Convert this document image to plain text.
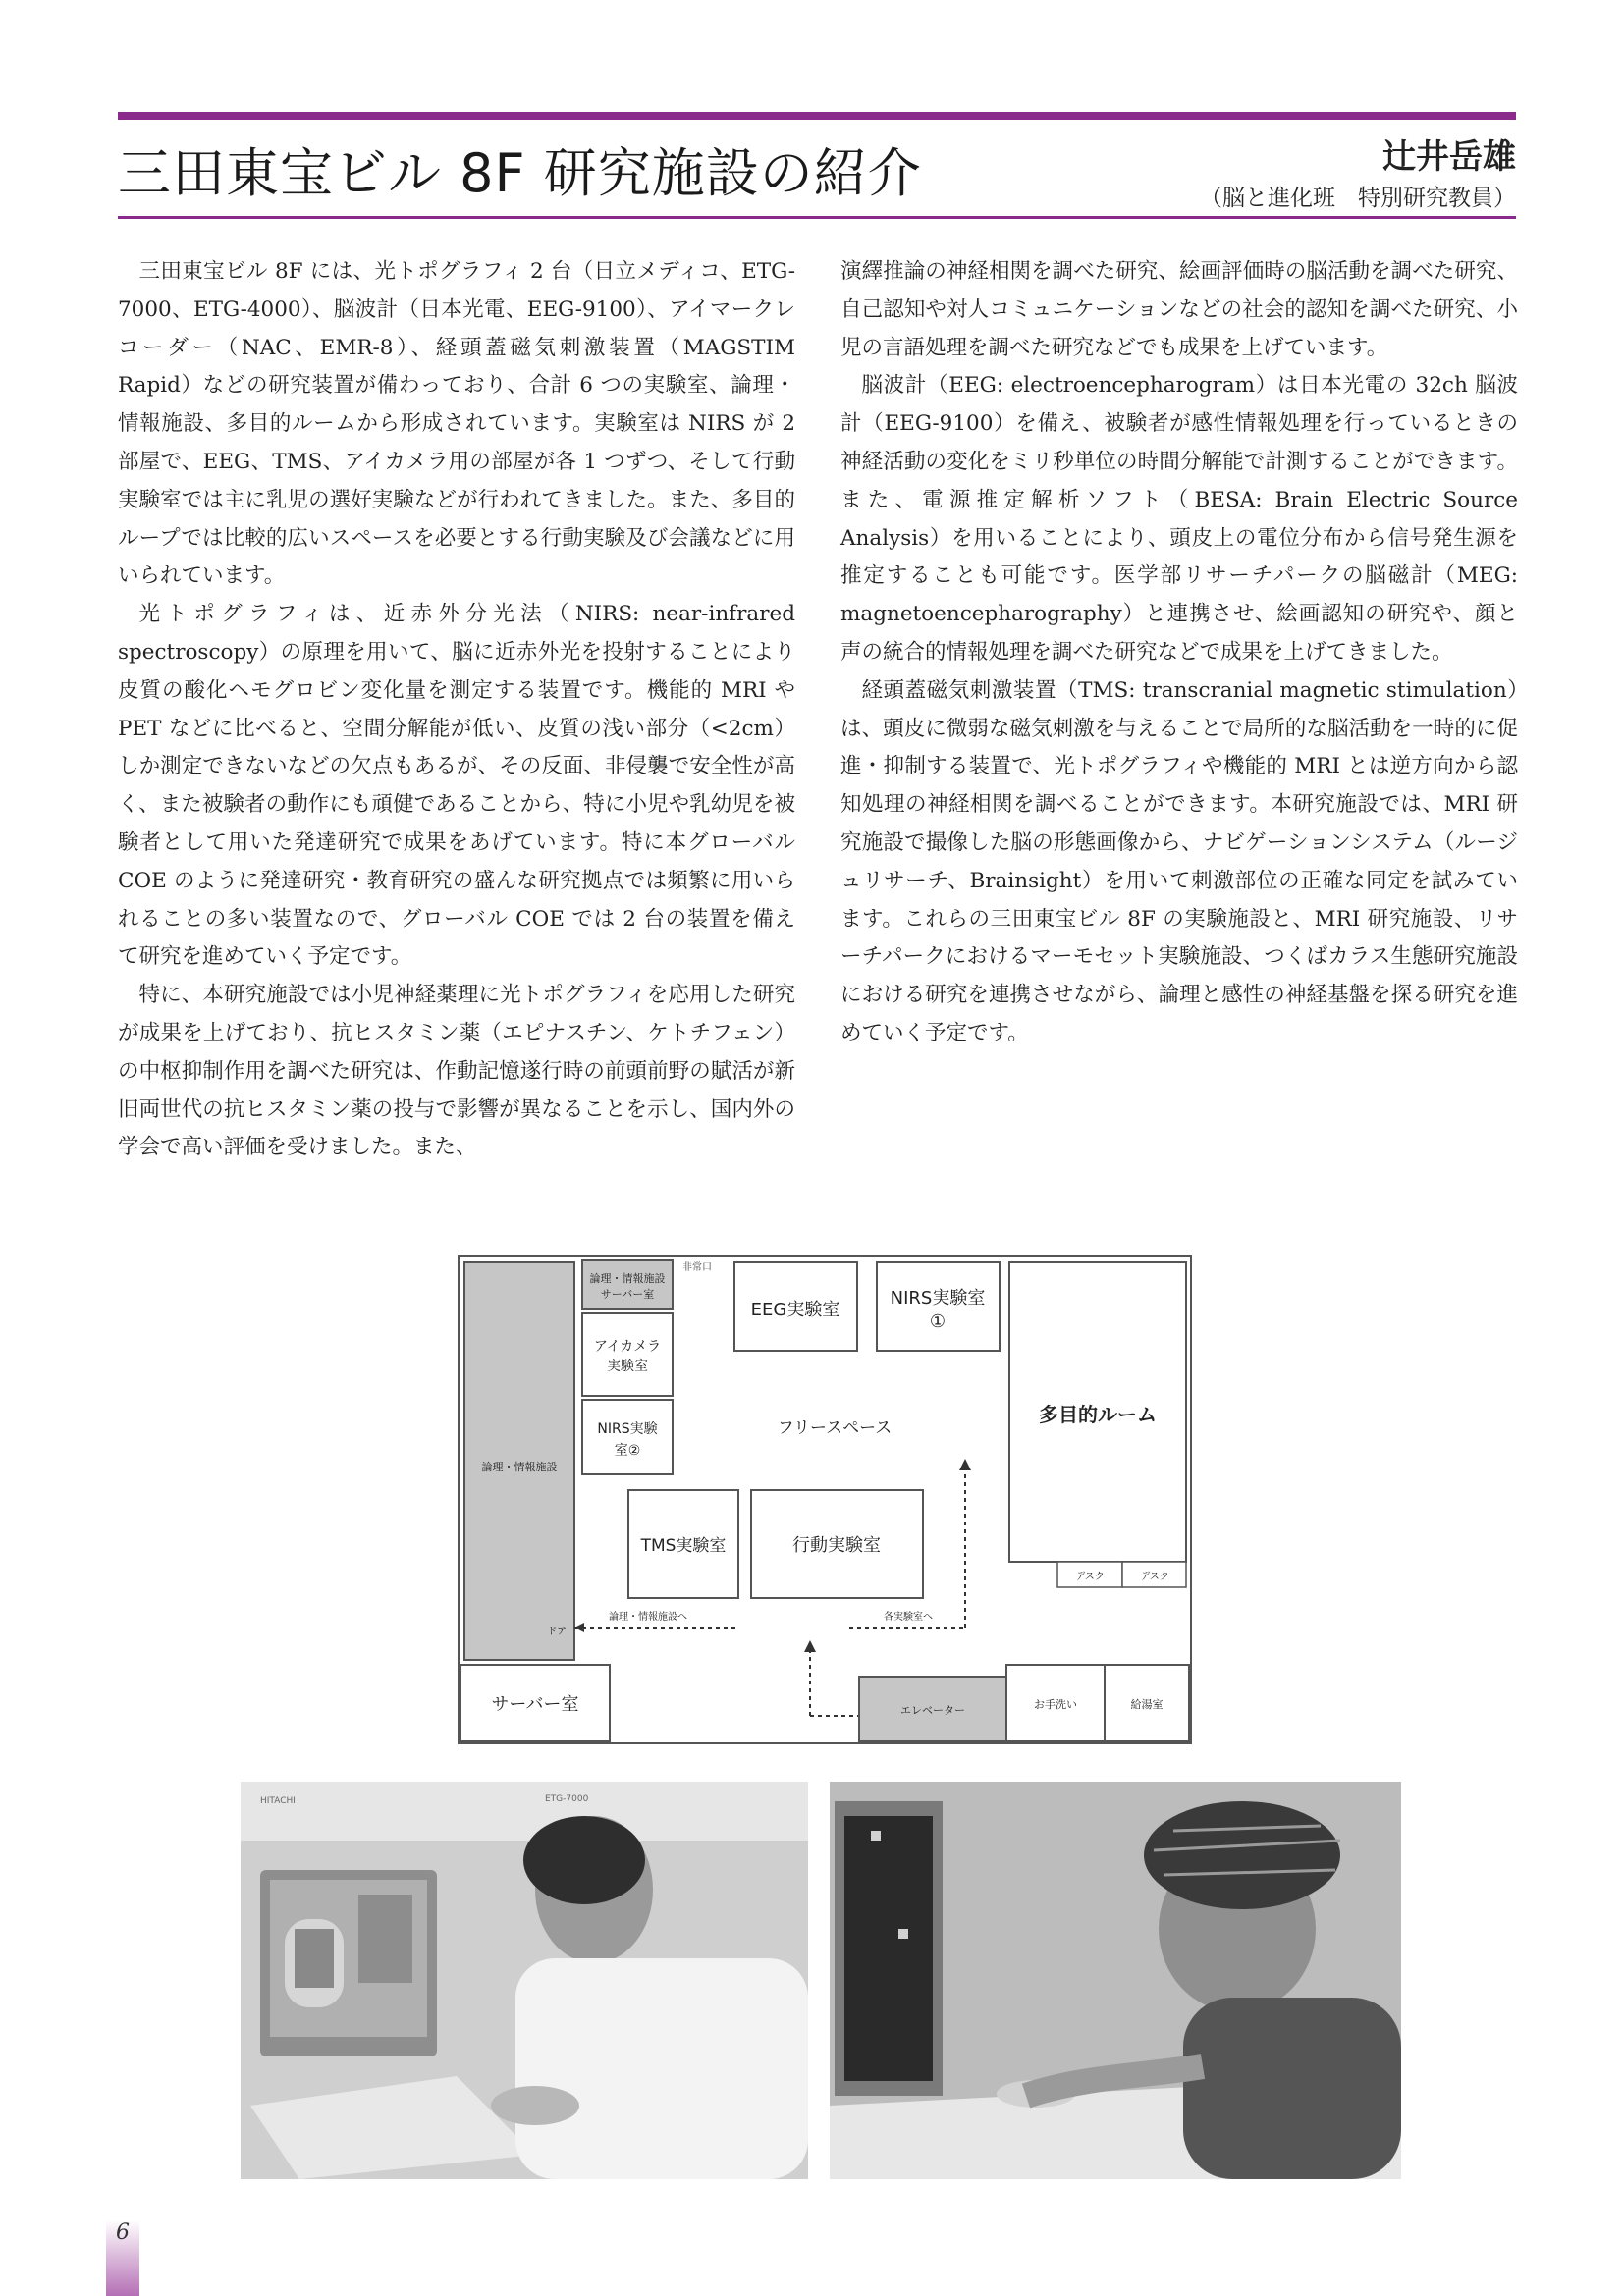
三田東宝ビル 8F 研究施設の紹介	辻井岳雄
（脳と進化班　特別研究教員）

三田東宝ビル 8F には、光トポグラフィ 2 台（日立メディコ、ETG-7000、ETG-4000）、脳波計（日本光電、EEG-9100）、アイマークレコーダー（NAC、EMR-8）、経頭蓋磁気刺激装置（MAGSTIM Rapid）などの研究装置が備わっており、合計 6 つの実験室、論理・情報施設、多目的ルームから形成されています。実験室は NIRS が 2 部屋で、EEG、TMS、アイカメラ用の部屋が各 1 つずつ、そして行動実験室では主に乳児の選好実験などが行われてきました。また、多目的ループでは比較的広いスペースを必要とする行動実験及び会議などに用いられています。

光トポグラフィは、近赤外分光法（NIRS: near-infrared spectroscopy）の原理を用いて、脳に近赤外光を投射することにより皮質の酸化ヘモグロビン変化量を測定する装置です。機能的 MRI や PET などに比べると、空間分解能が低い、皮質の浅い部分（<2cm）しか測定できないなどの欠点もあるが、その反面、非侵襲で安全性が高く、また被験者の動作にも頑健であることから、特に小児や乳幼児を被験者として用いた発達研究で成果をあげています。特に本グローバル COE のように発達研究・教育研究の盛んな研究拠点では頻繁に用いられることの多い装置なので、グローバル COE では 2 台の装置を備えて研究を進めていく予定です。

特に、本研究施設では小児神経薬理に光トポグラフィを応用した研究が成果を上げており、抗ヒスタミン薬（エピナスチン、ケトチフェン）の中枢抑制作用を調べた研究は、作動記憶遂行時の前頭前野の賦活が新旧両世代の抗ヒスタミン薬の投与で影響が異なることを示し、国内外の学会で高い評価を受けました。また、

演繹推論の神経相関を調べた研究、絵画評価時の脳活動を調べた研究、自己認知や対人コミュニケーションなどの社会的認知を調べた研究、小児の言語処理を調べた研究などでも成果を上げています。

脳波計（EEG: electroencepharogram）は日本光電の 32ch 脳波計（EEG-9100）を備え、被験者が感性情報処理を行っているときの神経活動の変化をミリ秒単位の時間分解能で計測することができます。また、電源推定解析ソフト（BESA: Brain Electric Source Analysis）を用いることにより、頭皮上の電位分布から信号発生源を推定することも可能です。医学部リサーチパークの脳磁計（MEG: magnetoencepharography）と連携させ、絵画認知の研究や、顔と声の統合的情報処理を調べた研究などで成果を上げてきました。

経頭蓋磁気刺激装置（TMS: transcranial magnetic stimulation）は、頭皮に微弱な磁気刺激を与えることで局所的な脳活動を一時的に促進・抑制する装置で、光トポグラフィや機能的 MRI とは逆方向から認知処理の神経相関を調べることができます。本研究施設では、MRI 研究施設で撮像した脳の形態画像から、ナビゲーションシステム（ルージュリサーチ、Brainsight）を用いて刺激部位の正確な同定を試みています。これらの三田東宝ビル 8F の実験施設と、MRI 研究施設、リサーチパークにおけるマーモセット実験施設、つくばカラス生態研究施設における研究を連携させながら、論理と感性の神経基盤を探る研究を進めていく予定です。

論理・情報施設
論理・情報施設
サーバー室
非常口
アイカメラ
実験室
NIRS実験
室②
EEG実験室
NIRS実験室
①
フリースペース
多目的ルーム
デスク	デスク
TMS実験室	行動実験室
論理・情報施設へ
ドア
各実験室へ
サーバー室	エレベーター	お手洗い	給湯室
HITACHI	ETG-7000
6
